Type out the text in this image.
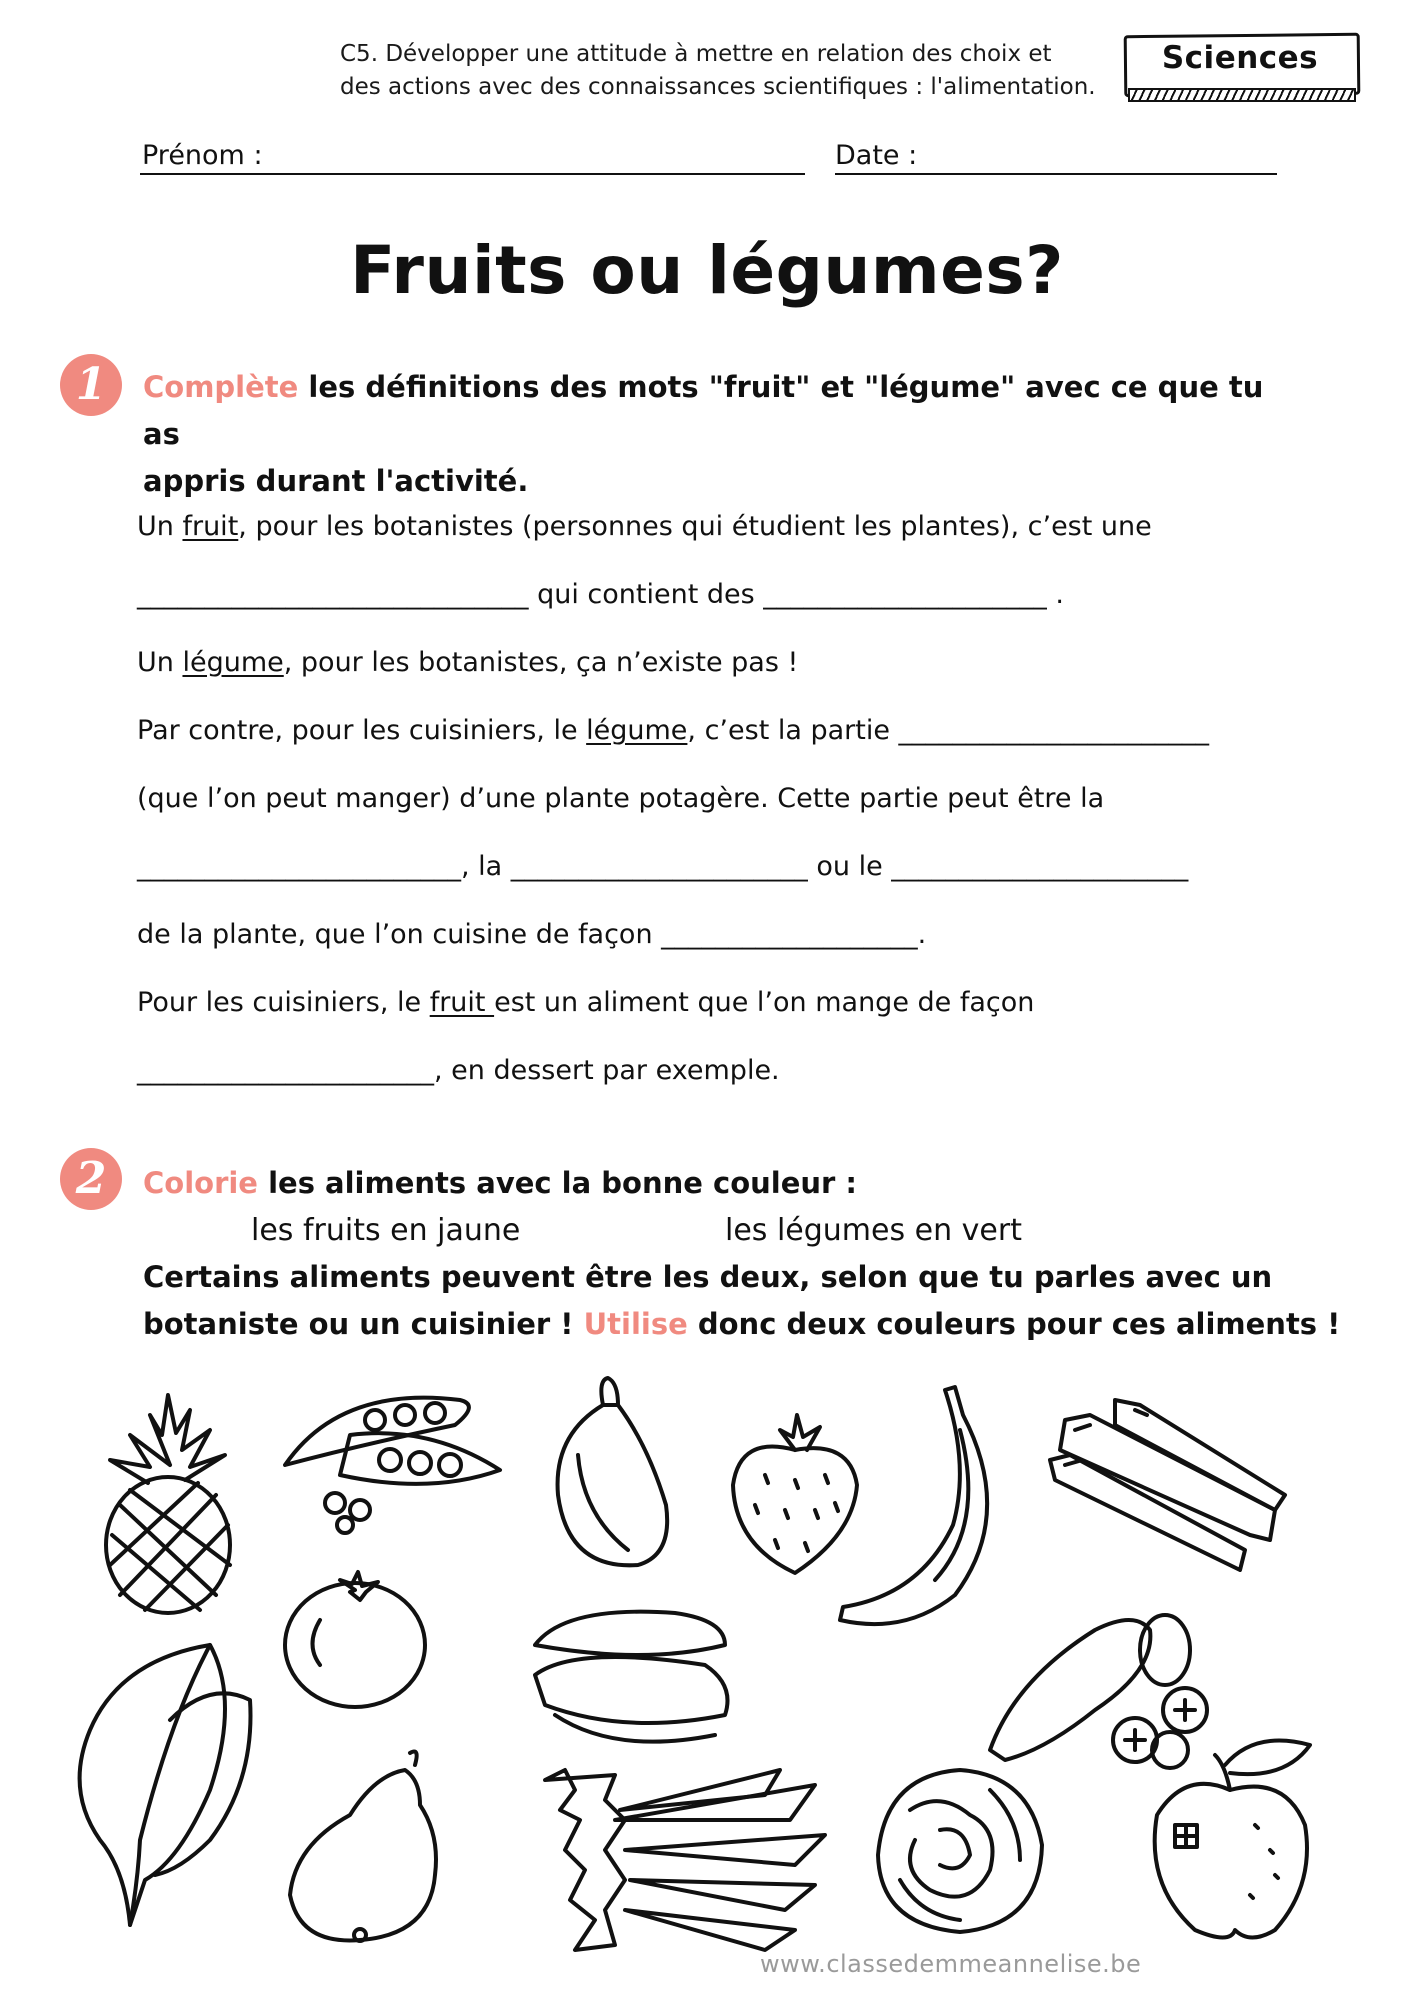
C5. Développer une attitude à mettre en relation des choix et
des actions avec des connaissances scientifiques : l'alimentation.
Sciences
Prénom :	Date :
Fruits ou légumes?
1	Complète les définitions des mots "fruit" et "légume" avec ce que tu as
appris durant l'activité.
Un fruit, pour les botanistes (personnes qui étudient les plantes), c’est une
_____________________________ qui contient des _____________________ .
Un légume, pour les botanistes, ça n’existe pas !
Par contre, pour les cuisiniers, le légume, c’est la partie _______________________
(que l’on peut manger) d’une plante potagère. Cette partie peut être la
________________________, la ______________________ ou le ______________________
de la plante, que l’on cuisine de façon ___________________.
Pour les cuisiniers, le fruit est un aliment que l’on mange de façon
______________________, en dessert par exemple.
2	Colorie les aliments avec la bonne couleur :
les fruits en jaune	les légumes en vert
Certains aliments peuvent être les deux, selon que tu parles avec un
botaniste ou un cuisinier ! Utilise donc deux couleurs pour ces aliments !
www.classedemmeannelise.be
